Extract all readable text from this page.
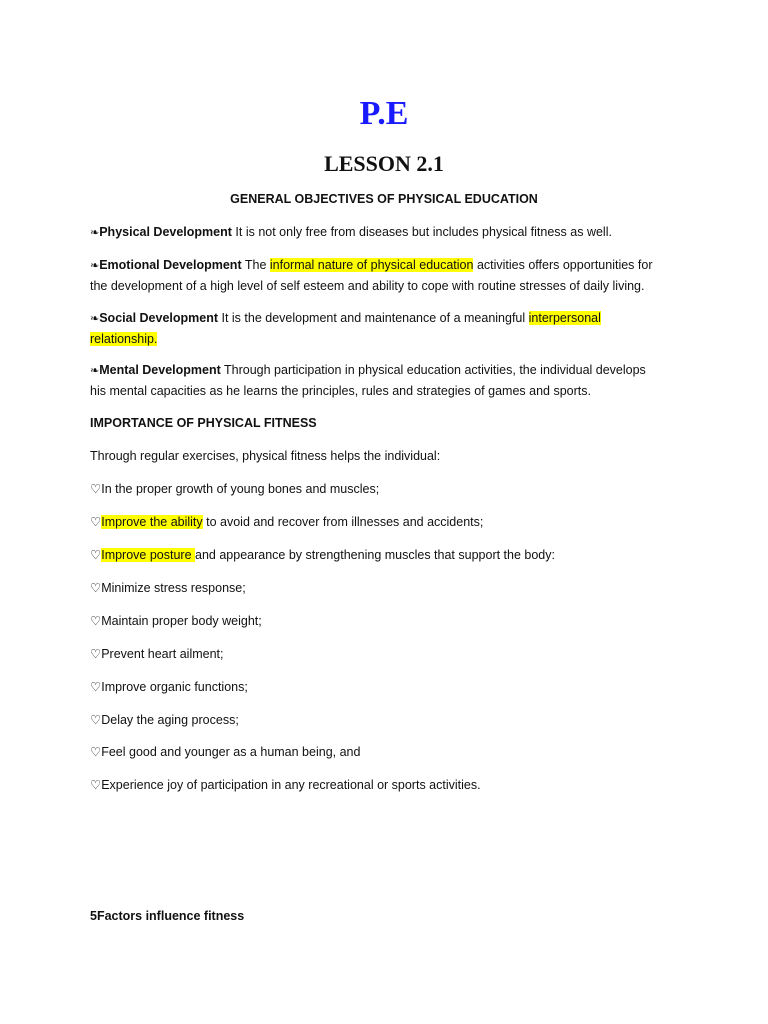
P.E
LESSON 2.1
GENERAL OBJECTIVES OF PHYSICAL EDUCATION
❧Physical Development It is not only free from diseases but includes physical fitness as well.
❧Emotional Development The informal nature of physical education activities offers opportunities for
the development of a high level of self esteem and ability to cope with routine stresses of daily living.
❧Social Development It is the development and maintenance of a meaningful interpersonal
relationship.
❧Mental Development Through participation in physical education activities, the individual develops
his mental capacities as he learns the principles, rules and strategies of games and sports.
IMPORTANCE OF PHYSICAL FITNESS
Through regular exercises, physical fitness helps the individual:
♡In the proper growth of young bones and muscles;
♡Improve the ability to avoid and recover from illnesses and accidents;
♡Improve posture and appearance by strengthening muscles that support the body:
♡Minimize stress response;
♡Maintain proper body weight;
♡Prevent heart ailment;
♡Improve organic functions;
♡Delay the aging process;
♡Feel good and younger as a human being, and
♡Experience joy of participation in any recreational or sports activities.
5Factors influence fitness
